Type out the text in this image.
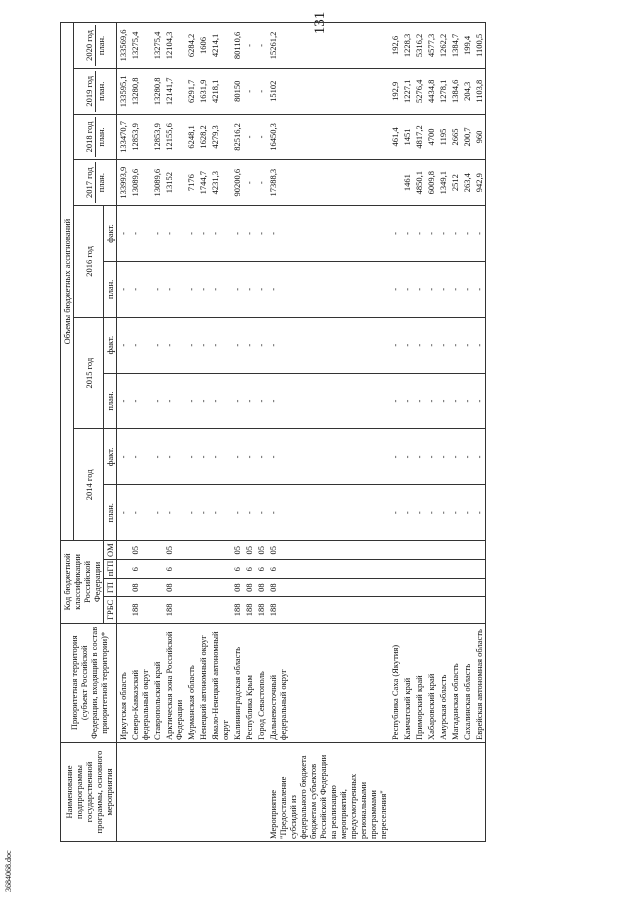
131
3684068.doc
Наименование подпрограммы государственной программы, основного мероприятия	Приоритетная территория (субъект Российской Федерации, входящий в состав приоритетной территории)*	Код бюджетной классификации Российской Федерации				Объемы бюджетных ассигнований									
						2014 год		2015 год		2016 год		2017 год план.	2018 год план.	2019 год план.	2020 год план.

		ГРБС	ГП	пГП	ОМ	план.	факт.	план.	факт.	план.	факт.				
	Иркутская область					-	-	-	-	-	-	133993,9	133470,7	133595,1	133569,6
	Северо-Кавказский федеральный округ	188	08	6	05	-	-	-	-	-	-	13089,6	12853,9	13280,8	13275,4
	Ставропольский край					-	-	-	-	-	-	13089,6	12853,9	13280,8	13275,4
	Арктическая зона Российской Федерации	188	08	6	05	-	-	-	-	-	-	13152	12155,6	12141,7	12104,3
	Мурманская область					-	-	-	-	-	-	7176	6248,1	6291,7	6284,2
	Ненецкий автономный округ					-	-	-	-	-	-	1744,7	1628,2	1631,9	1606
	Ямало-Ненецкий автономный округ					-	-	-	-	-	-	4231,3	4279,3	4218,1	4214,1
	Калининградская область	188	08	6	05	-	-	-	-	-	-	90200,6	82516,2	80150	80110,6
	Республика Крым	188	08	6	05	-	-	-	-	-	-	-	-	-	-
	Город Севастополь	188	08	6	05	-	-	-	-	-	-	-	-	-	-
Мероприятие "Предоставление субсидий из федерального бюджета бюджетам субъектов Российской Федерации на реализацию мероприятий, предусмотренных региональными программами переселения"	Дальневосточный федеральный округ	188	08	6	05	-	-	-	-	-	-	17388,3	16450,3	15102	15261,2
	Республика Саха (Якутия)					-	-	-	-	-	-		461,4	192,9	192,6
	Камчатский край					-	-	-	-	-	-	1461	1451	1227,1	1228,3
	Приморский край					-	-	-	-	-	-	4850,1	4817,2	5276,4	5316,2
	Хабаровский край					-	-	-	-	-	-	6009,8	4700	4434,8	4577,3
	Амурская область					-	-	-	-	-	-	1349,1	1195	1278,1	1262,2
	Магаданская область					-	-	-	-	-	-	2512	2665	1384,6	1384,7
	Сахалинская область					-	-	-	-	-	-	263,4	200,7	204,3	199,4
	Еврейская автономная область					-	-	-	-	-	-	942,9	960	1103,8	1100,5
